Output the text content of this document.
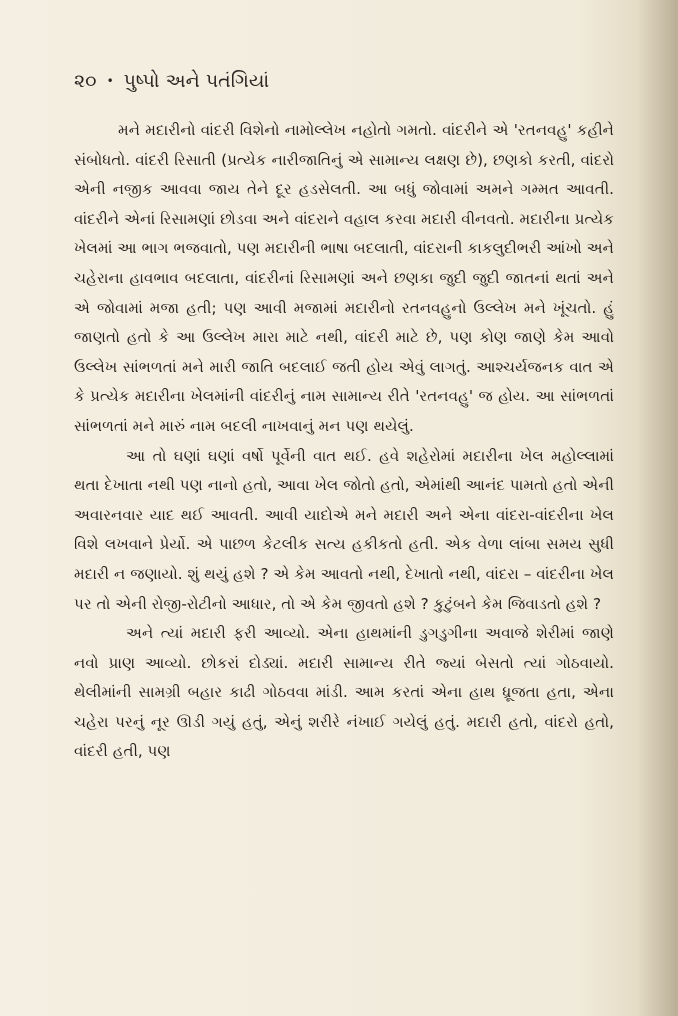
૨૦ • પુષ્પો અને પતંગિયાં

મને મદારીનો વાંદરી વિશેનો નામોલ્લેખ નહોતો ગમતો. વાંદરીને એ 'રતનવહુ' કહીને સંબોધતો. વાંદરી રિસાતી (પ્રત્યેક નારીજાતિનું એ સામાન્ય લક્ષણ છે), છણકો કરતી, વાંદરો એની નજીક આવવા જાય તેને દૂર હડસેલતી. આ બધું જોવામાં અમને ગમ્મત આવતી. વાંદરીને એનાં રિસામણાં છોડવા અને વાંદરાને વહાલ કરવા મદારી વીનવતો. મદારીના પ્રત્યેક ખેલમાં આ ભાગ ભજવાતો, પણ મદારીની ભાષા બદલાતી, વાંદરાની કાકલુદીભરી આંખો અને ચહેરાના હાવભાવ બદલાતા, વાંદરીનાં રિસામણાં અને છણકા જુદી જુદી જાતનાં થતાં અને એ જોવામાં મજા હતી; પણ આવી મજામાં મદારીનો રતનવહુનો ઉલ્લેખ મને ખૂંચતો. હું જાણતો હતો કે આ ઉલ્લેખ મારા માટે નથી, વાંદરી માટે છે, પણ કોણ જાણે કેમ આવો ઉલ્લેખ સાંભળતાં મને મારી જાતિ બદલાઈ જતી હોય એવું લાગતું. આશ્ચર્યજનક વાત એ કે પ્રત્યેક મદારીના ખેલમાંની વાંદરીનું નામ સામાન્ય રીતે 'રતનવહુ' જ હોય. આ સાંભળતાં સાંભળતાં મને મારું નામ બદલી નાખવાનું મન પણ થયેલું.

આ તો ઘણાં ઘણાં વર્ષો પૂર્વેની વાત થઈ. હવે શહેરોમાં મદારીના ખેલ મહોલ્લામાં થતા દેખાતા નથી પણ નાનો હતો, આવા ખેલ જોતો હતો, એમાંથી આનંદ પામતો હતો એની અવારનવાર યાદ થઈ આવતી. આવી યાદોએ મને મદારી અને એના વાંદરા-વાંદરીના ખેલ વિશે લખવાને પ્રેર્યો. એ પાછળ કેટલીક સત્ય હકીકતો હતી. એક વેળા લાંબા સમય સુધી મદારી ન જણાયો. શું થયું હશે ? એ કેમ આવતો નથી, દેખાતો નથી, વાંદરા – વાંદરીના ખેલ પર તો એની રોજી-રોટીનો આધાર, તો એ કેમ જીવતો હશે ? કુટુંબને કેમ જિવાડતો હશે ?

અને ત્યાં મદારી ફરી આવ્યો. એના હાથમાંની ડુગડુગીના અવાજે શેરીમાં જાણે નવો પ્રાણ આવ્યો. છોકરાં દોડ્યાં. મદારી સામાન્ય રીતે જ્યાં બેસતો ત્યાં ગોઠવાયો. થેલીમાંની સામગ્રી બહાર કાઢી ગોઠવવા માંડી. આમ કરતાં એના હાથ ધ્રૂજતા હતા, એના ચહેરા પરનું નૂર ઊડી ગયું હતું, એનું શરીરે નંખાઈ ગયેલું હતું. મદારી હતો, વાંદરો હતો, વાંદરી હતી, પણ
